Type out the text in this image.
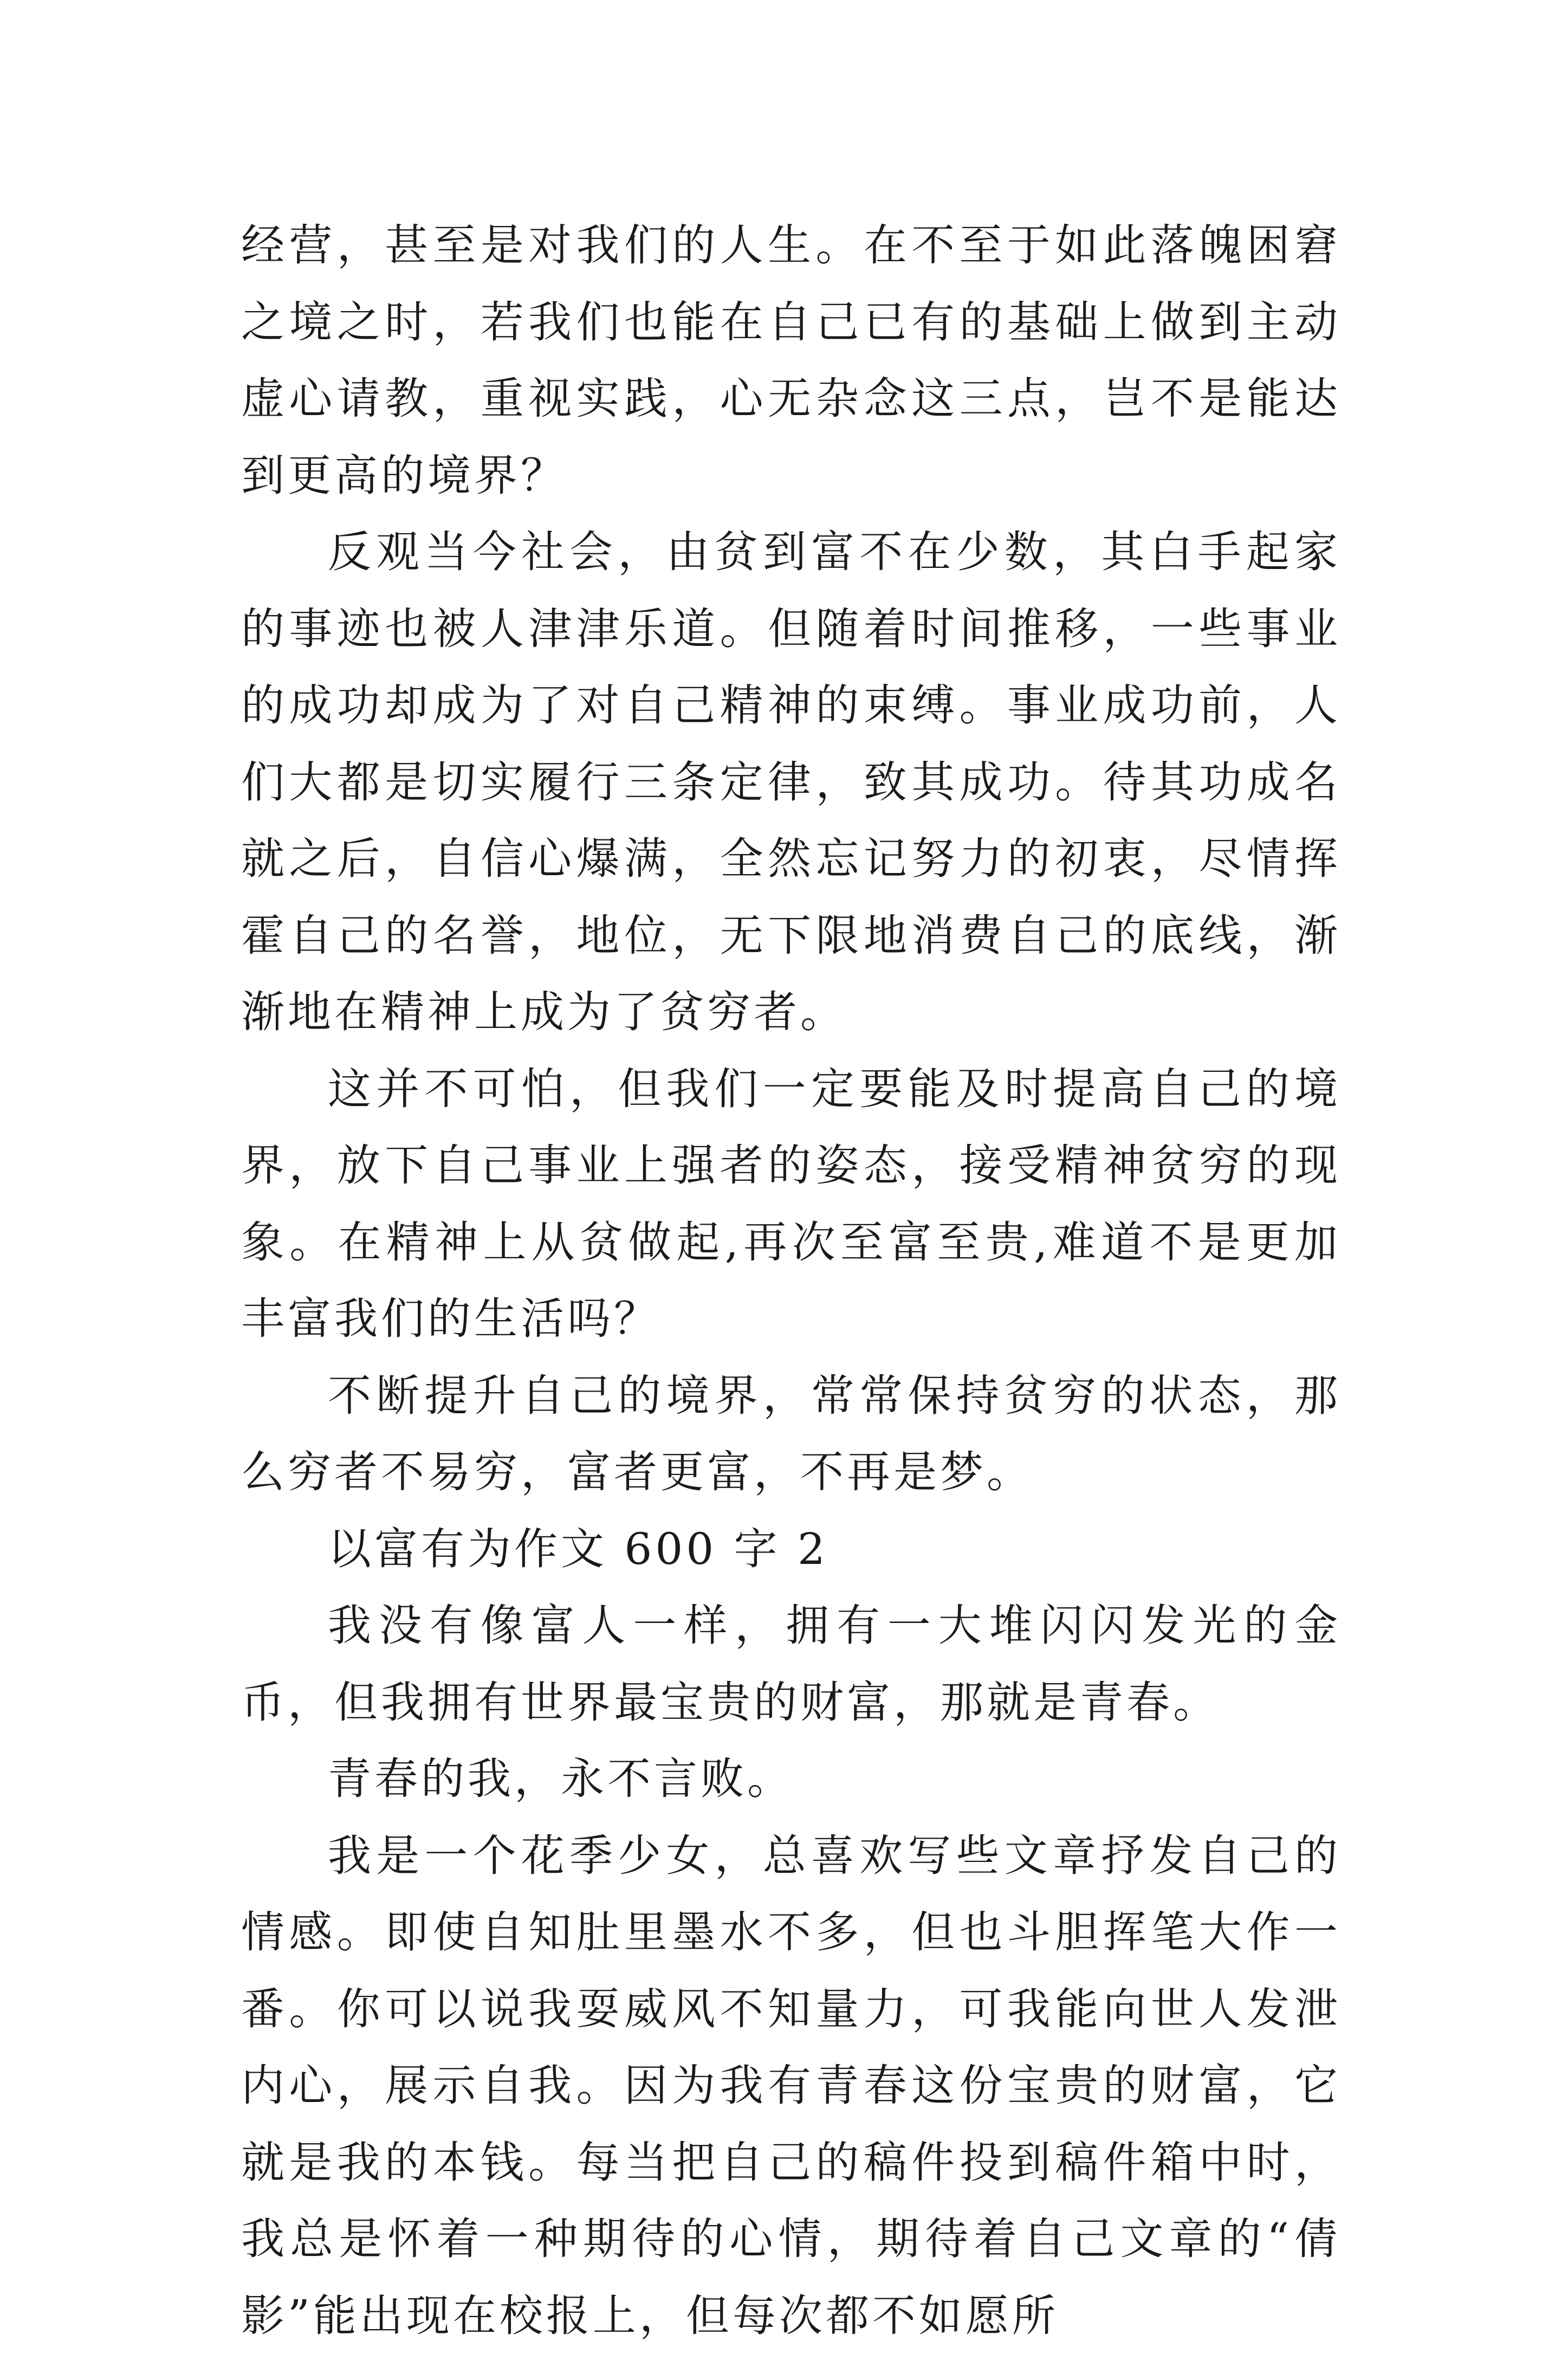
经营，甚至是对我们的人生。在不至于如此落魄困窘之境之时，若我们也能在自己已有的基础上做到主动虚心请教，重视实践，心无杂念这三点，岂不是能达到更高的境界？

反观当今社会，由贫到富不在少数，其白手起家的事迹也被人津津乐道。但随着时间推移，一些事业的成功却成为了对自己精神的束缚。事业成功前，人们大都是切实履行三条定律，致其成功。待其功成名就之后，自信心爆满，全然忘记努力的初衷，尽情挥霍自己的名誉，地位，无下限地消费自己的底线，渐渐地在精神上成为了贫穷者。

这并不可怕，但我们一定要能及时提高自己的境界，放下自己事业上强者的姿态，接受精神贫穷的现象。在精神上从贫做起,再次至富至贵,难道不是更加丰富我们的生活吗？

不断提升自己的境界，常常保持贫穷的状态，那么穷者不易穷，富者更富，不再是梦。

以富有为作文 600 字 2

我没有像富人一样，拥有一大堆闪闪发光的金币，但我拥有世界最宝贵的财富，那就是青春。

青春的我，永不言败。

我是一个花季少女，总喜欢写些文章抒发自己的情感。即使自知肚里墨水不多，但也斗胆挥笔大作一番。你可以说我耍威风不知量力，可我能向世人发泄内心，展示自我。因为我有青春这份宝贵的财富，它就是我的本钱。每当把自己的稿件投到稿件箱中时，我总是怀着一种期待的心情，期待着自己文章的“倩影”能出现在校报上，但每次都不如愿所
